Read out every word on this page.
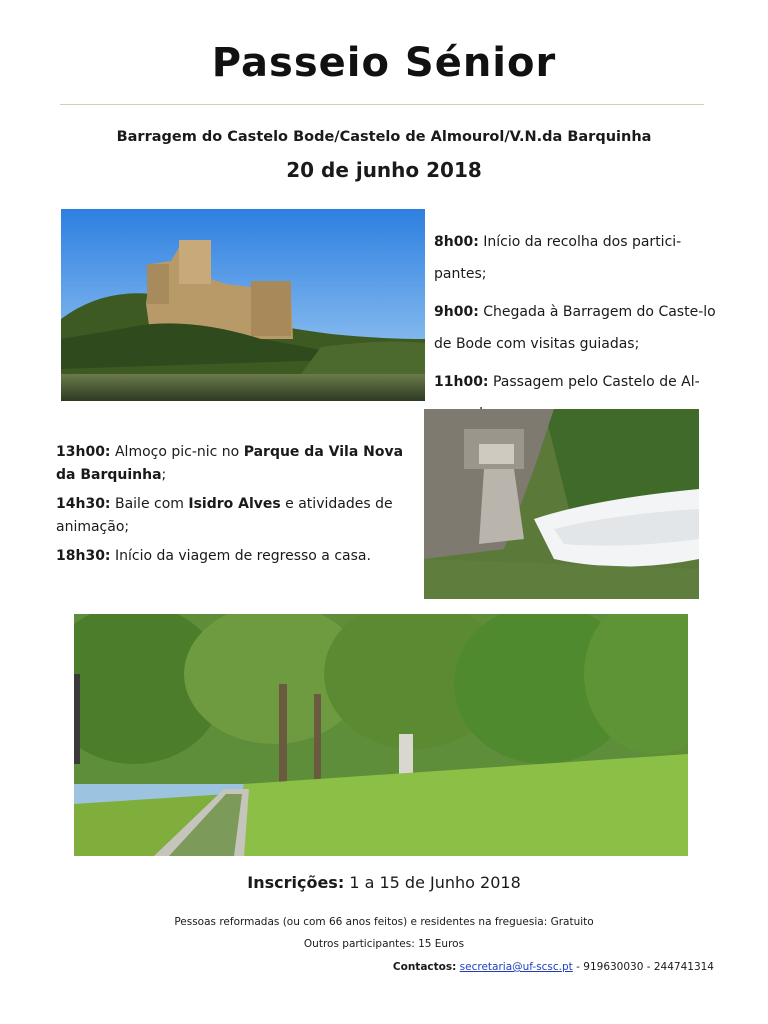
Passeio Sénior
Barragem do Castelo Bode/Castelo de Almourol/V.N.da Barquinha
20 de junho 2018

8h00: Início da recolha dos partici-pantes;

9h00: Chegada à Barragem do Caste-lo de Bode com visitas guiadas;

11h00: Passagem pelo Castelo de Al-

13h00: Almoço pic-nic no Parque da Vila Nova da Barquinha;

14h30: Baile com Isidro Alves e atividades de animação;

18h30: Início da viagem de regresso a casa.

Inscrições: 1 a 15 de Junho 2018
Pessoas reformadas (ou com 66 anos feitos) e residentes na freguesia: Gratuito
Outros participantes: 15 Euros
Contactos: secretaria@uf-scsc.pt - 919630030 - 244741314
